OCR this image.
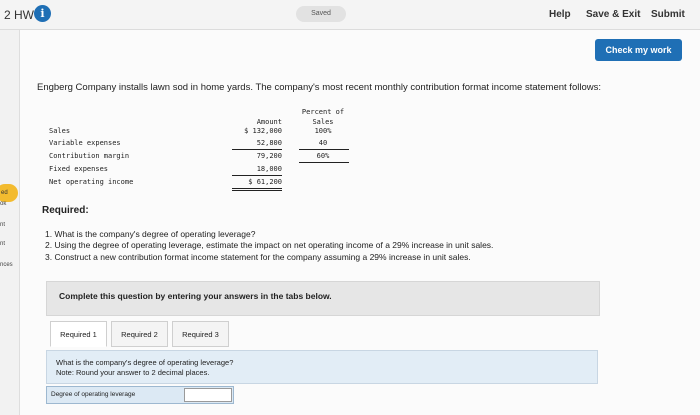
2 HW i	Saved	Help Save & Exit Submit
ed
ok
nt
nt
nces
Check my work
Engberg Company installs lawn sod in home yards. The company's most recent monthly contribution format income statement follows:
Percent of
Amount	Sales
Sales	$ 132,000	100%
Variable expenses	52,800	40
Contribution margin	79,200	60%
Fixed expenses	18,000
Net operating income	$ 61,200
Required:
1. What is the company's degree of operating leverage?
2. Using the degree of operating leverage, estimate the impact on net operating income of a 29% increase in unit sales.
3. Construct a new contribution format income statement for the company assuming a 29% increase in unit sales.
Complete this question by entering your answers in the tabs below.
Required 1	Required 2	Required 3
What is the company's degree of operating leverage?
Note: Round your answer to 2 decimal places.
Degree of operating leverage
